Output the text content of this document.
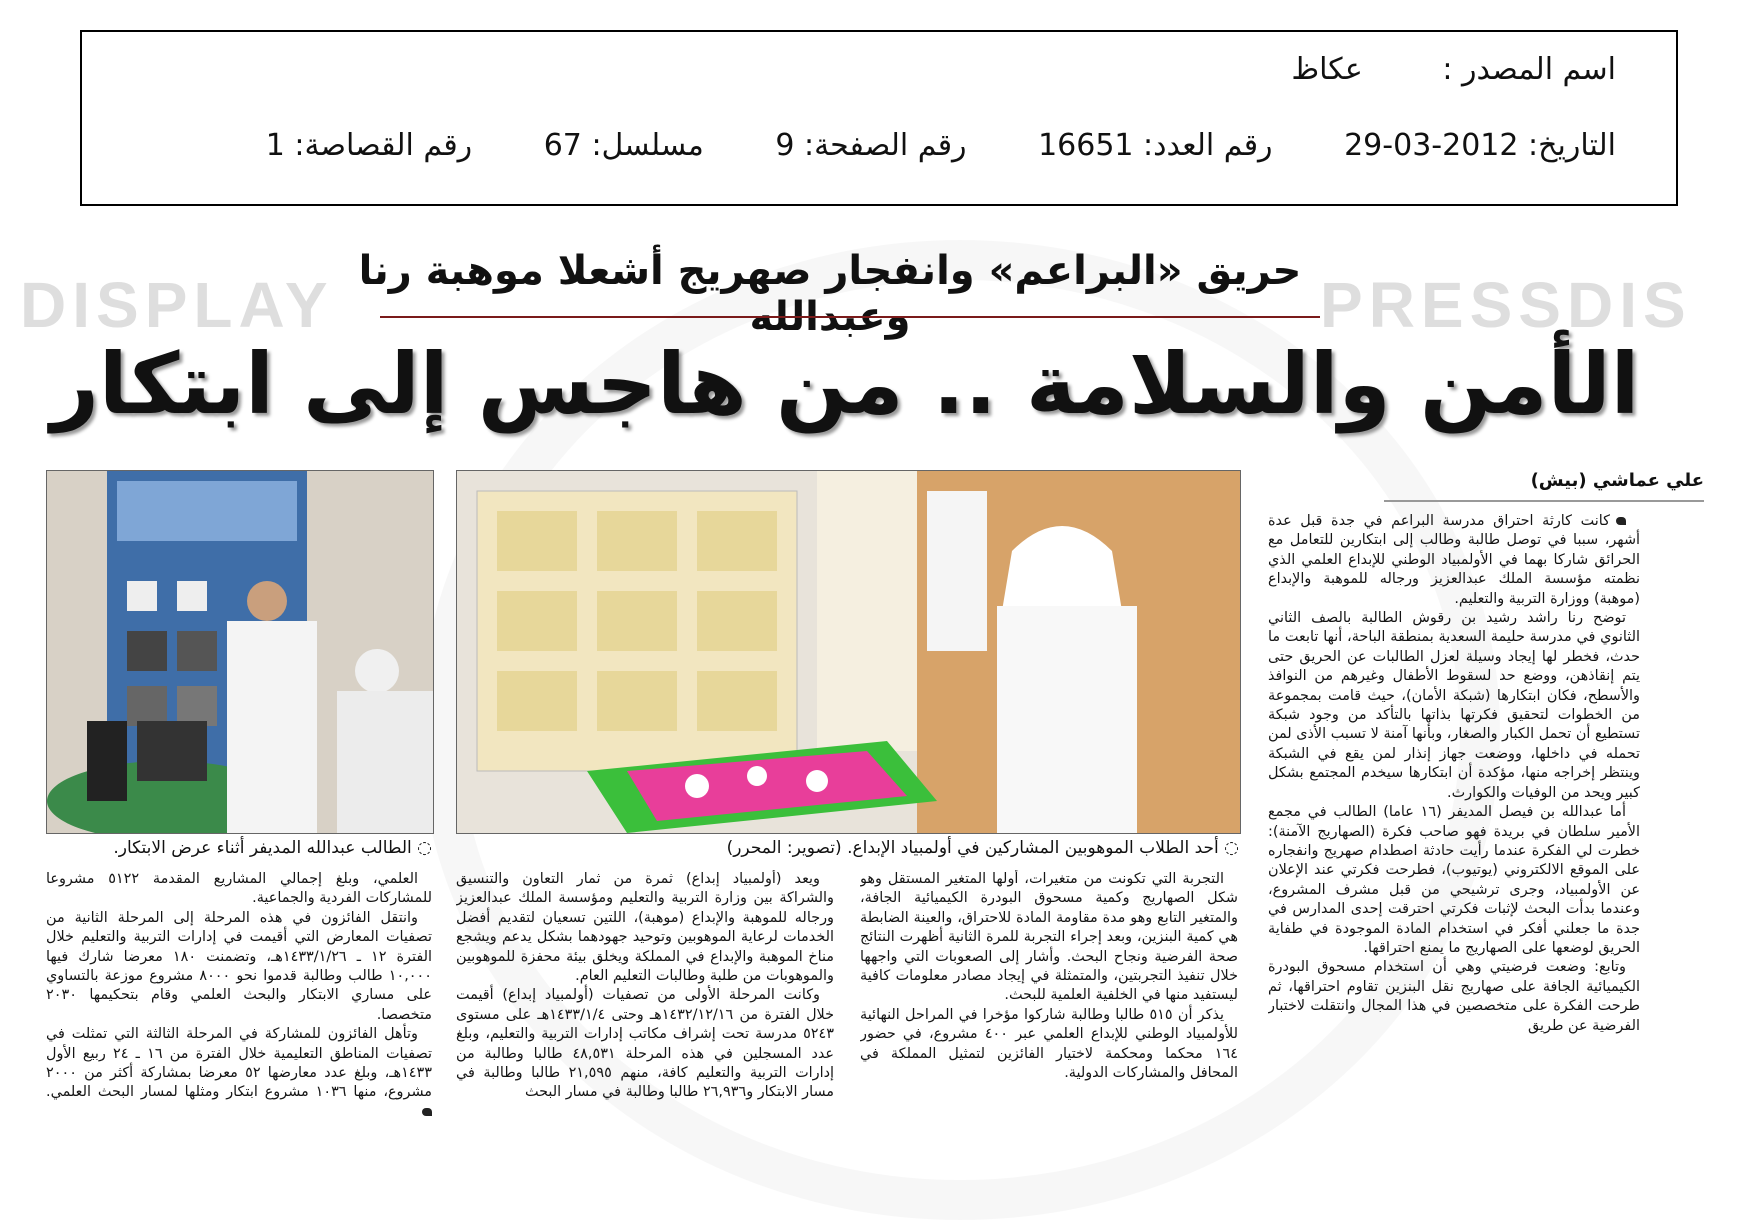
DISPLAY	PRESSDIS
اسم المصدر : عكاظ
التاريخ: 2012-03-29 رقم العدد: 16651 رقم الصفحة: 9 مسلسل: 67 رقم القصاصة: 1
حريق «البراعم» وانفجار صهريج أشعلا موهبة رنا وعبدالله
الأمن والسلامة .. من هاجس إلى ابتكار
علي عماشي (بيش)
◌ الطالب عبدالله المديفر أثناء عرض الابتكار.	◌ أحد الطلاب الموهوبين المشاركين في أولمبياد الإبداع. (تصوير: المحرر)

كانت كارثة احتراق مدرسة البراعم في جدة قبل عدة أشهر، سببا في توصل طالبة وطالب إلى ابتكارين للتعامل مع الحرائق شاركا بهما في الأولمبياد الوطني للإبداع العلمي الذي نظمته مؤسسة الملك عبدالعزيز ورجاله للموهبة والإبداع (موهبة) ووزارة التربية والتعليم.

توضح رنا راشد رشيد بن رقوش الطالبة بالصف الثاني الثانوي في مدرسة حليمة السعدية بمنطقة الباحة، أنها تابعت ما حدث، فخطر لها إيجاد وسيلة لعزل الطالبات عن الحريق حتى يتم إنقاذهن، ووضع حد لسقوط الأطفال وغيرهم من النوافذ والأسطح، فكان ابتكارها (شبكة الأمان)، حيث قامت بمجموعة من الخطوات لتحقيق فكرتها بذاتها بالتأكد من وجود شبكة تستطيع أن تحمل الكبار والصغار، وبأنها آمنة لا تسبب الأذى لمن تحمله في داخلها، ووضعت جهاز إنذار لمن يقع في الشبكة وينتظر إخراجه منها، مؤكدة أن ابتكارها سيخدم المجتمع بشكل كبير ويحد من الوفيات والكوارث.

أما عبدالله بن فيصل المديفر (١٦ عاما) الطالب في مجمع الأمير سلطان في بريدة فهو صاحب فكرة (الصهاريج الآمنة): خطرت لي الفكرة عندما رأيت حادثة اصطدام صهريج وانفجاره على الموقع الالكتروني (يوتيوب)، فطرحت فكرتي عند الإعلان عن الأولمبياد، وجرى ترشيحي من قبل مشرف المشروع، وعندما بدأت البحث لإثبات فكرتي احترقت إحدى المدارس في جدة ما جعلني أفكر في استخدام المادة الموجودة في طفاية الحريق لوضعها على الصهاريج ما يمنع احتراقها.

وتابع: وضعت فرضيتي وهي أن استخدام مسحوق البودرة الكيميائية الجافة على صهاريج نقل البنزين تقاوم احتراقها، ثم طرحت الفكرة على متخصصين في هذا المجال وانتقلت لاختبار الفرضية عن طريق

التجربة التي تكونت من متغيرات، أولها المتغير المستقل وهو شكل الصهاريج وكمية مسحوق البودرة الكيميائية الجافة، والمتغير التابع وهو مدة مقاومة المادة للاحتراق، والعينة الضابطة هي كمية البنزين، وبعد إجراء التجربة للمرة الثانية أظهرت النتائج صحة الفرضية ونجاح البحث. وأشار إلى الصعوبات التي واجهها خلال تنفيذ التجربتين، والمتمثلة في إيجاد مصادر معلومات كافية ليستفيد منها في الخلفية العلمية للبحث.

يذكر أن ٥١٥ طالبا وطالبة شاركوا مؤخرا في المراحل النهائية للأولمبياد الوطني للإبداع العلمي عبر ٤٠٠ مشروع، في حضور ١٦٤ محكما ومحكمة لاختيار الفائزين لتمثيل المملكة في المحافل والمشاركات الدولية.

ويعد (أولمبياد إبداع) ثمرة من ثمار التعاون والتنسيق والشراكة بين وزارة التربية والتعليم ومؤسسة الملك عبدالعزيز ورجاله للموهبة والإبداع (موهبة)، اللتين تسعيان لتقديم أفضل الخدمات لرعاية الموهوبين وتوحيد جهودهما بشكل يدعم ويشجع مناخ الموهبة والإبداع في المملكة ويخلق بيئة محفزة للموهوبين والموهوبات من طلبة وطالبات التعليم العام.

وكانت المرحلة الأولى من تصفيات (أولمبياد إبداع) أقيمت خلال الفترة من ١٤٣٢/١٢/١٦هـ وحتى ١٤٣٣/١/٤هـ على مستوى ٥٢٤٣ مدرسة تحت إشراف مكاتب إدارات التربية والتعليم، وبلغ عدد المسجلين في هذه المرحلة ٤٨,٥٣١ طالبا وطالبة من إدارات التربية والتعليم كافة، منهم ٢١,٥٩٥ طالبا وطالبة في مسار الابتكار و٢٦,٩٣٦ طالبا وطالبة في مسار البحث

العلمي، وبلغ إجمالي المشاريع المقدمة ٥١٢٢ مشروعا للمشاركات الفردية والجماعية.

وانتقل الفائزون في هذه المرحلة إلى المرحلة الثانية من تصفيات المعارض التي أقيمت في إدارات التربية والتعليم خلال الفترة ١٢ ـ ١٤٣٣/١/٢٦هـ، وتضمنت ١٨٠ معرضا شارك فيها ١٠,٠٠٠ طالب وطالبة قدموا نحو ٨٠٠٠ مشروع موزعة بالتساوي على مساري الابتكار والبحث العلمي وقام بتحكيمها ٢٠٣٠ متخصصا.

وتأهل الفائزون للمشاركة في المرحلة الثالثة التي تمثلت في تصفيات المناطق التعليمية خلال الفترة من ١٦ ـ ٢٤ ربيع الأول ١٤٣٣هـ، وبلغ عدد معارضها ٥٢ معرضا بمشاركة أكثر من ٢٠٠٠ مشروع، منها ١٠٣٦ مشروع ابتكار ومثلها لمسار البحث العلمي.
